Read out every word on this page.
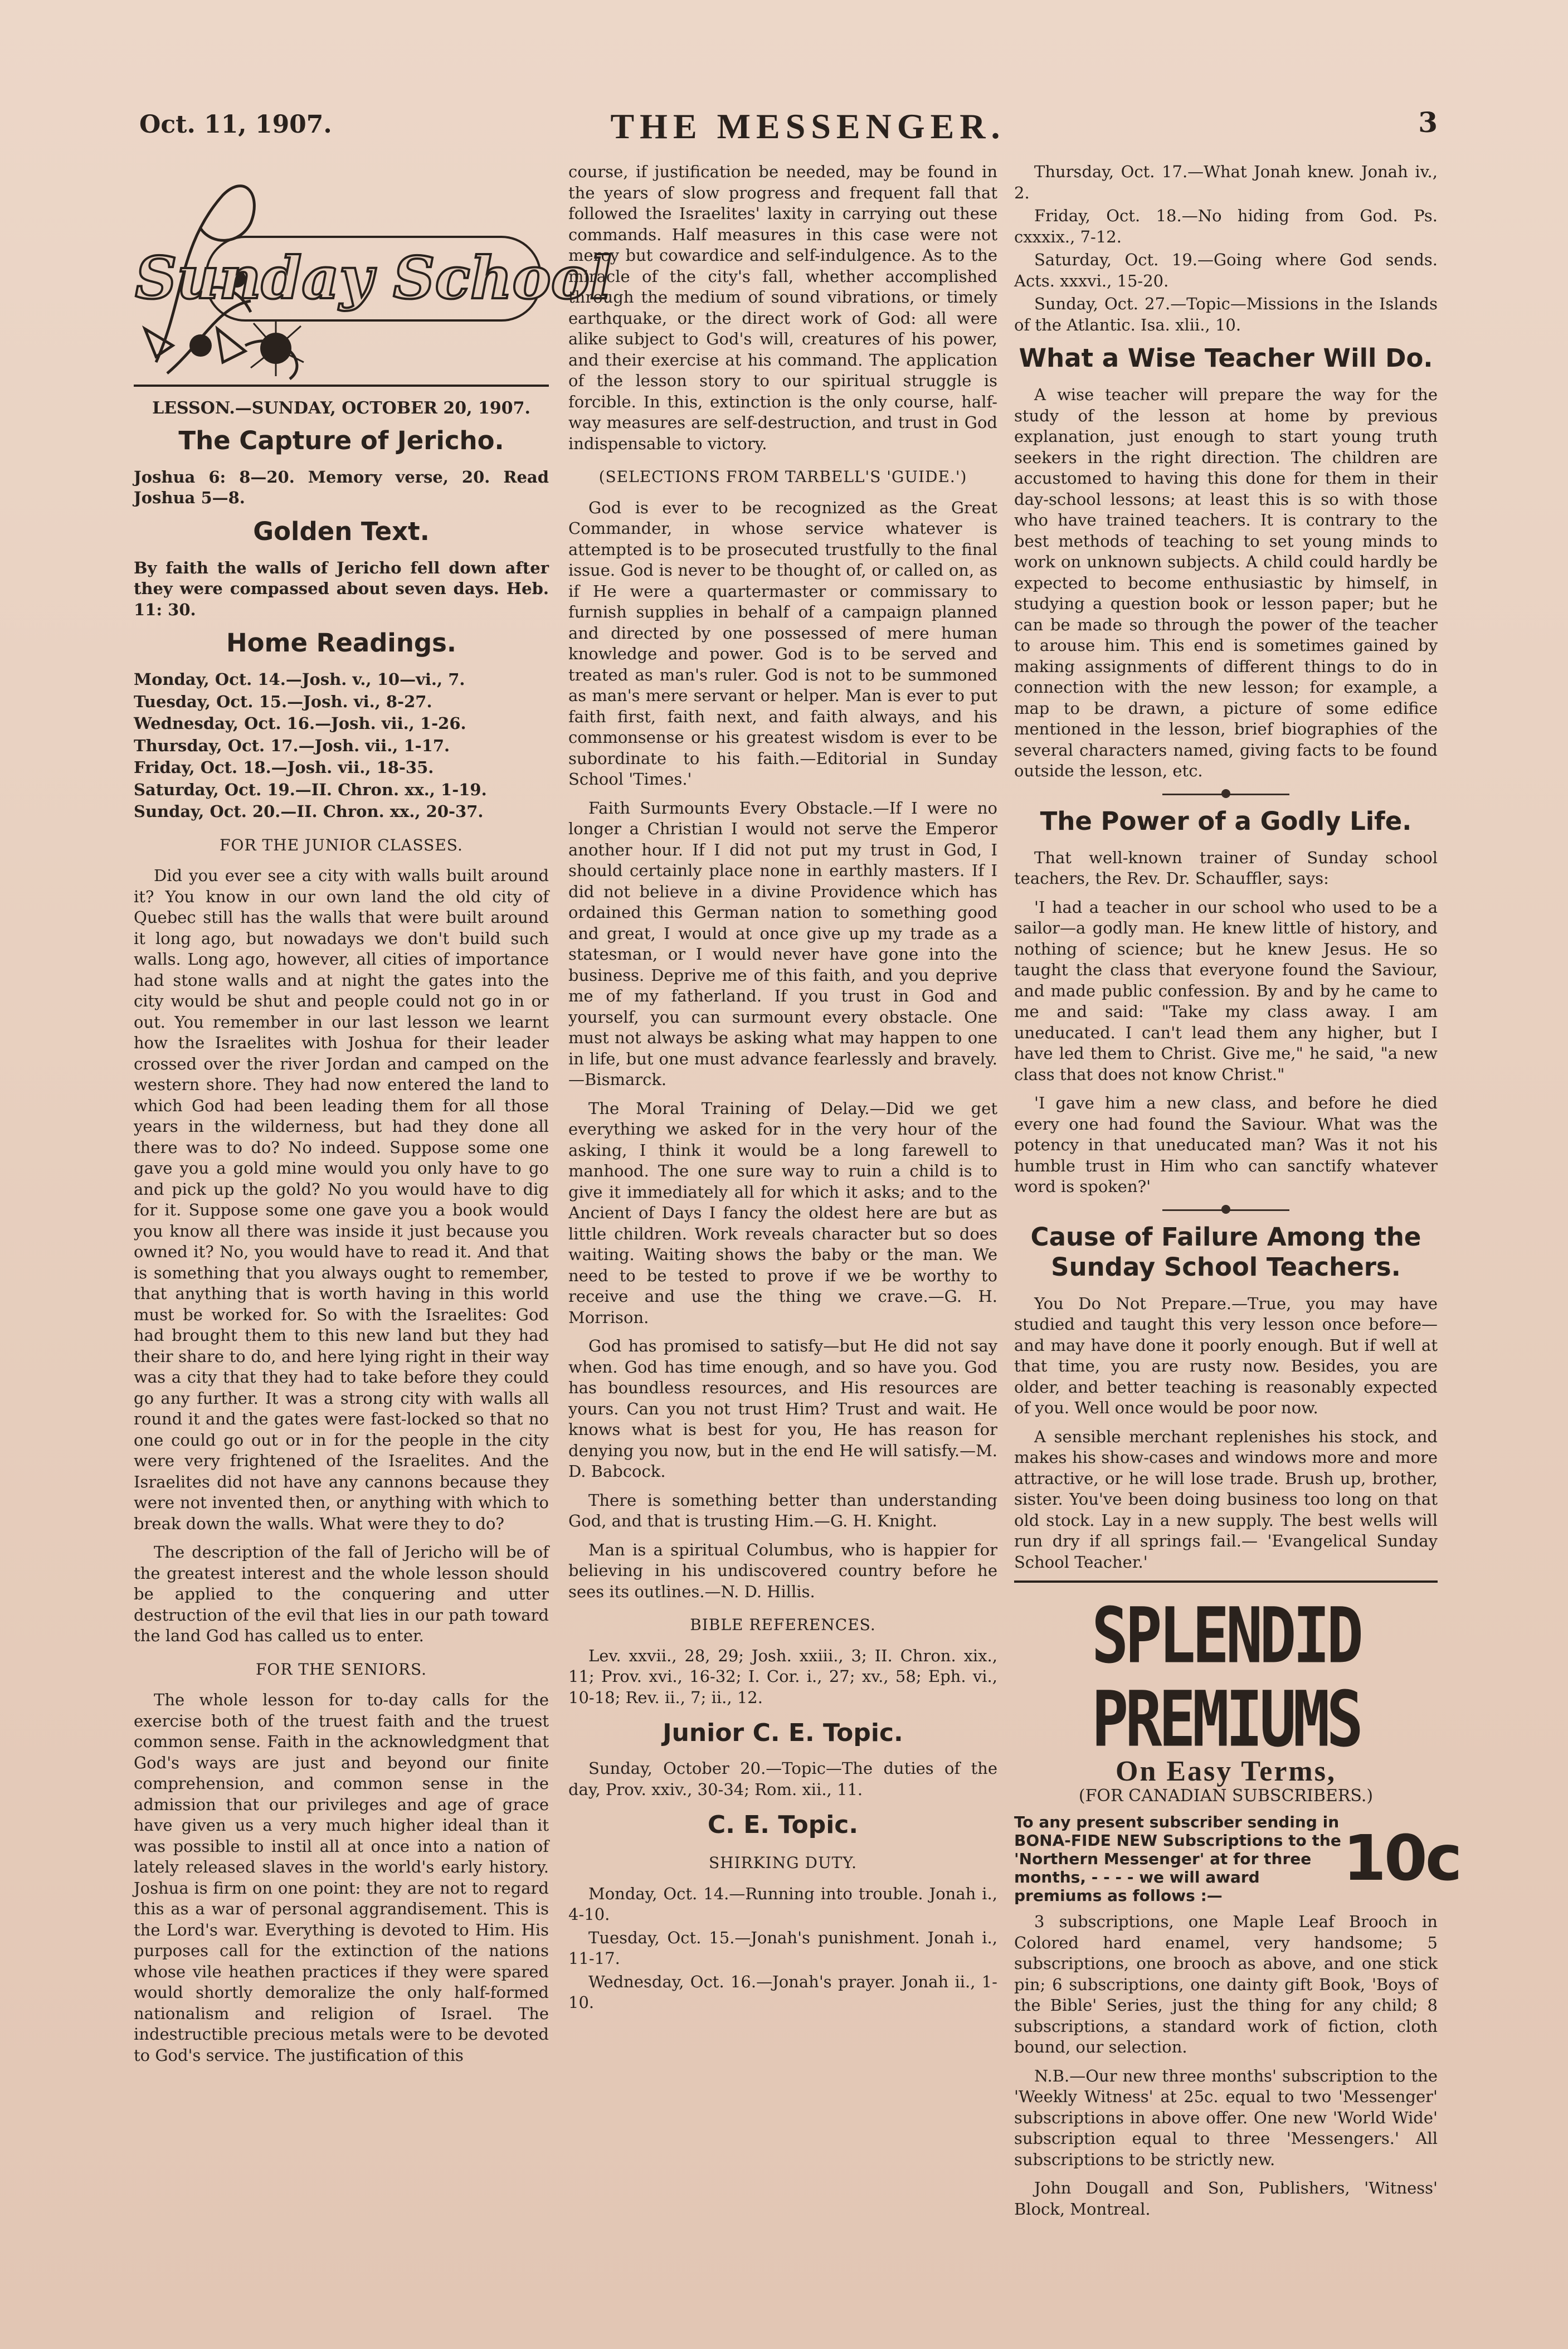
Oct. 11, 1907.	THE MESSENGER.	3
Sunday School
LESSON.—SUNDAY, OCTOBER 20, 1907.
The Capture of Jericho.

Joshua 6: 8—20. Memory verse, 20. Read Joshua 5—8.

Golden Text.

By faith the walls of Jericho fell down after they were compassed about seven days. Heb. 11: 30.

Home Readings.

Monday, Oct. 14.—Josh. v., 10—vi., 7.

Tuesday, Oct. 15.—Josh. vi., 8-27.

Wednesday, Oct. 16.—Josh. vii., 1-26.

Thursday, Oct. 17.—Josh. vii., 1-17.

Friday, Oct. 18.—Josh. vii., 18-35.

Saturday, Oct. 19.—II. Chron. xx., 1-19.

Sunday, Oct. 20.—II. Chron. xx., 20-37.

FOR THE JUNIOR CLASSES.

Did you ever see a city with walls built around it? You know in our own land the old city of Quebec still has the walls that were built around it long ago, but nowadays we don't build such walls. Long ago, however, all cities of importance had stone walls and at night the gates into the city would be shut and people could not go in or out. You remember in our last lesson we learnt how the Israelites with Joshua for their leader crossed over the river Jordan and camped on the western shore. They had now entered the land to which God had been leading them for all those years in the wilderness, but had they done all there was to do? No indeed. Suppose some one gave you a gold mine would you only have to go and pick up the gold? No you would have to dig for it. Suppose some one gave you a book would you know all there was inside it just because you owned it? No, you would have to read it. And that is something that you always ought to remember, that anything that is worth having in this world must be worked for. So with the Israelites: God had brought them to this new land but they had their share to do, and here lying right in their way was a city that they had to take before they could go any further. It was a strong city with walls all round it and the gates were fast-locked so that no one could go out or in for the people in the city were very frightened of the Israelites. And the Israelites did not have any cannons because they were not invented then, or anything with which to break down the walls. What were they to do?

The description of the fall of Jericho will be of the greatest interest and the whole lesson should be applied to the conquering and utter destruction of the evil that lies in our path toward the land God has called us to enter.

FOR THE SENIORS.

The whole lesson for to-day calls for the exercise both of the truest faith and the truest common sense. Faith in the acknowledgment that God's ways are just and beyond our finite comprehension, and common sense in the admission that our privileges and age of grace have given us a very much higher ideal than it was possible to instil all at once into a nation of lately released slaves in the world's early history. Joshua is firm on one point: they are not to regard this as a war of personal aggrandisement. This is the Lord's war. Everything is devoted to Him. His purposes call for the extinction of the nations whose vile heathen practices if they were spared would shortly demoralize the only half-formed nationalism and religion of Israel. The indestructible precious metals were to be devoted to God's service. The justification of this

course, if justification be needed, may be found in the years of slow progress and frequent fall that followed the Israelites' laxity in carrying out these commands. Half measures in this case were not mercy but cowardice and self-indulgence. As to the miracle of the city's fall, whether accomplished through the medium of sound vibrations, or timely earthquake, or the direct work of God: all were alike subject to God's will, creatures of his power, and their exercise at his command. The application of the lesson story to our spiritual struggle is forcible. In this, extinction is the only course, half-way measures are self-destruction, and trust in God indispensable to victory.

(SELECTIONS FROM TARBELL'S 'GUIDE.')

God is ever to be recognized as the Great Commander, in whose service whatever is attempted is to be prosecuted trustfully to the final issue. God is never to be thought of, or called on, as if He were a quartermaster or commissary to furnish supplies in behalf of a campaign planned and directed by one possessed of mere human knowledge and power. God is to be served and treated as man's ruler. God is not to be summoned as man's mere servant or helper. Man is ever to put faith first, faith next, and faith always, and his commonsense or his greatest wisdom is ever to be subordinate to his faith.—Editorial in Sunday School 'Times.'

Faith Surmounts Every Obstacle.—If I were no longer a Christian I would not serve the Emperor another hour. If I did not put my trust in God, I should certainly place none in earthly masters. If I did not believe in a divine Providence which has ordained this German nation to something good and great, I would at once give up my trade as a statesman, or I would never have gone into the business. Deprive me of this faith, and you deprive me of my fatherland. If you trust in God and yourself, you can surmount every obstacle. One must not always be asking what may happen to one in life, but one must advance fearlessly and bravely.—Bismarck.

The Moral Training of Delay.—Did we get everything we asked for in the very hour of the asking, I think it would be a long farewell to manhood. The one sure way to ruin a child is to give it immediately all for which it asks; and to the Ancient of Days I fancy the oldest here are but as little children. Work reveals character but so does waiting. Waiting shows the baby or the man. We need to be tested to prove if we be worthy to receive and use the thing we crave.—G. H. Morrison.

God has promised to satisfy—but He did not say when. God has time enough, and so have you. God has boundless resources, and His resources are yours. Can you not trust Him? Trust and wait. He knows what is best for you, He has reason for denying you now, but in the end He will satisfy.—M. D. Babcock.

There is something better than understanding God, and that is trusting Him.—G. H. Knight.

Man is a spiritual Columbus, who is happier for believing in his undiscovered country before he sees its outlines.—N. D. Hillis.

BIBLE REFERENCES.

Lev. xxvii., 28, 29; Josh. xxiii., 3; II. Chron. xix., 11; Prov. xvi., 16-32; I. Cor. i., 27; xv., 58; Eph. vi., 10-18; Rev. ii., 7; ii., 12.

Junior C. E. Topic.

Sunday, October 20.—Topic—The duties of the day, Prov. xxiv., 30-34; Rom. xii., 11.

C. E. Topic.
SHIRKING DUTY.

Monday, Oct. 14.—Running into trouble. Jonah i., 4-10.

Tuesday, Oct. 15.—Jonah's punishment. Jonah i., 11-17.

Wednesday, Oct. 16.—Jonah's prayer. Jonah ii., 1-10.

Thursday, Oct. 17.—What Jonah knew. Jonah iv., 2.

Friday, Oct. 18.—No hiding from God. Ps. cxxxix., 7-12.

Saturday, Oct. 19.—Going where God sends. Acts. xxxvi., 15-20.

Sunday, Oct. 27.—Topic—Missions in the Islands of the Atlantic. Isa. xlii., 10.

What a Wise Teacher Will Do.

A wise teacher will prepare the way for the study of the lesson at home by previous explanation, just enough to start young truth seekers in the right direction. The children are accustomed to having this done for them in their day-school lessons; at least this is so with those who have trained teachers. It is contrary to the best methods of teaching to set young minds to work on unknown subjects. A child could hardly be expected to become enthusiastic by himself, in studying a question book or lesson paper; but he can be made so through the power of the teacher to arouse him. This end is sometimes gained by making assignments of different things to do in connection with the new lesson; for example, a map to be drawn, a picture of some edifice mentioned in the lesson, brief biographies of the several characters named, giving facts to be found outside the lesson, etc.

The Power of a Godly Life.

That well-known trainer of Sunday school teachers, the Rev. Dr. Schauffler, says:

'I had a teacher in our school who used to be a sailor—a godly man. He knew little of history, and nothing of science; but he knew Jesus. He so taught the class that everyone found the Saviour, and made public confession. By and by he came to me and said: "Take my class away. I am uneducated. I can't lead them any higher, but I have led them to Christ. Give me," he said, "a new class that does not know Christ."

'I gave him a new class, and before he died every one had found the Saviour. What was the potency in that uneducated man? Was it not his humble trust in Him who can sanctify whatever word is spoken?'

Cause of Failure Among the Sunday School Teachers.

You Do Not Prepare.—True, you may have studied and taught this very lesson once before—and may have done it poorly enough. But if well at that time, you are rusty now. Besides, you are older, and better teaching is reasonably expected of you. Well once would be poor now.

A sensible merchant replenishes his stock, and makes his show-cases and windows more and more attractive, or he will lose trade. Brush up, brother, sister. You've been doing business too long on that old stock. Lay in a new supply. The best wells will run dry if all springs fail.— 'Evangelical Sunday School Teacher.'

SPLENDID PREMIUMS
On Easy Terms,
(FOR CANADIAN SUBSCRIBERS.)
To any present subscriber sending in BONA-FIDE NEW Subscriptions to the 'Northern Messenger' at for three months, - - - - we will award premiums as follows :—
10c

3 subscriptions, one Maple Leaf Brooch in Colored hard enamel, very handsome; 5 subscriptions, one brooch as above, and one stick pin; 6 subscriptions, one dainty gift Book, 'Boys of the Bible' Series, just the thing for any child; 8 subscriptions, a standard work of fiction, cloth bound, our selection.

N.B.—Our new three months' subscription to the 'Weekly Witness' at 25c. equal to two 'Messenger' subscriptions in above offer. One new 'World Wide' subscription equal to three 'Messengers.' All subscriptions to be strictly new.

John Dougall and Son, Publishers, 'Witness' Block, Montreal.
